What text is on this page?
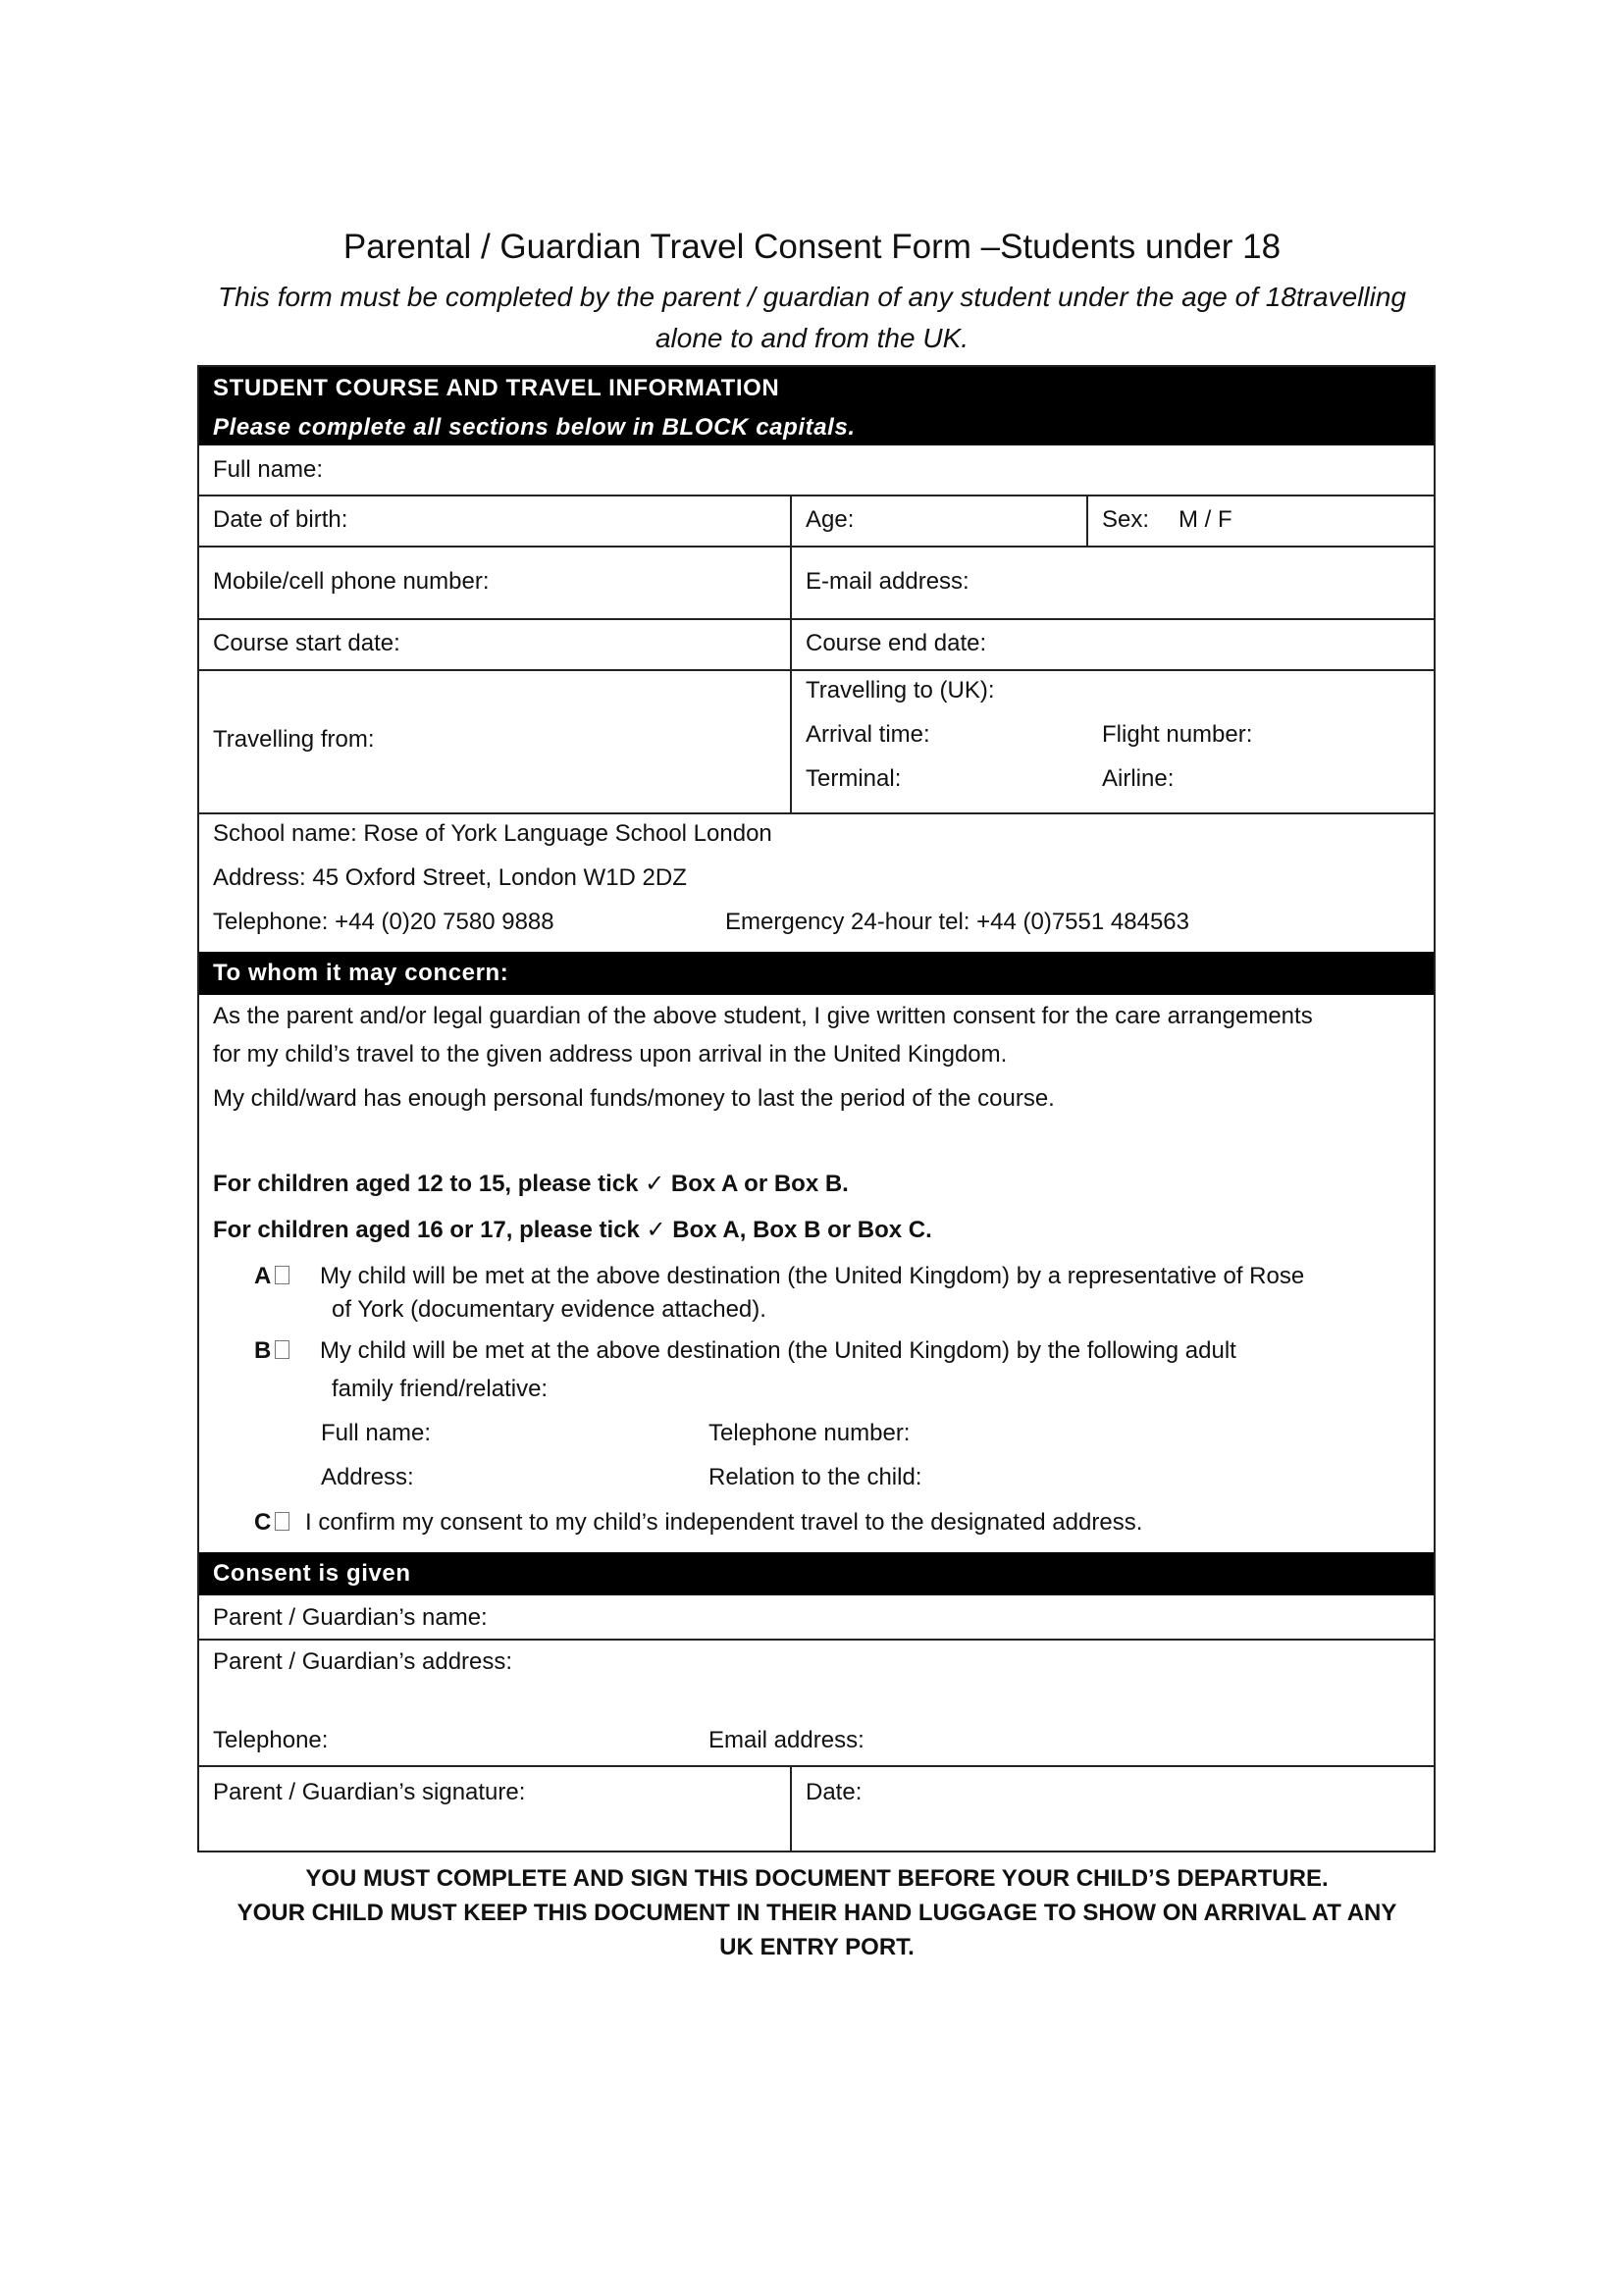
Parental / Guardian Travel Consent Form –Students under 18
This form must be completed by the parent / guardian of any student under the age of 18travelling
alone to and from the UK.
STUDENT COURSE AND TRAVEL INFORMATION
Please complete all sections below in BLOCK capitals.
Full name:
Date of birth:	Age:	Sex: M / F
Mobile/cell phone number:	E-mail address:
Course start date:	Course end date:
Travelling from:
Travelling to (UK):
Arrival time:	Flight number:
Terminal:	Airline:
School name: Rose of York Language School London
Address: 45 Oxford Street, London W1D 2DZ
Telephone: +44 (0)20 7580 9888	Emergency 24-hour tel: +44 (0)7551 484563
To whom it may concern:
As the parent and/or legal guardian of the above student, I give written consent for the care arrangements
for my child’s travel to the given address upon arrival in the United Kingdom.
My child/ward has enough personal funds/money to last the period of the course.
For children aged 12 to 15, please tick ✓ Box A or Box B.
For children aged 16 or 17, please tick ✓ Box A, Box B or Box C.
A My child will be met at the above destination (the United Kingdom) by a representative of Rose
of York (documentary evidence attached).
B My child will be met at the above destination (the United Kingdom) by the following adult
family friend/relative:
Full name:	Telephone number:
Address:	Relation to the child:
C I confirm my consent to my child’s independent travel to the designated address.
Consent is given
Parent / Guardian’s name:
Parent / Guardian’s address:
Telephone:	Email address:
Parent / Guardian’s signature:	Date:
YOU MUST COMPLETE AND SIGN THIS DOCUMENT BEFORE YOUR CHILD’S DEPARTURE.
YOUR CHILD MUST KEEP THIS DOCUMENT IN THEIR HAND LUGGAGE TO SHOW ON ARRIVAL AT ANY
UK ENTRY PORT.
